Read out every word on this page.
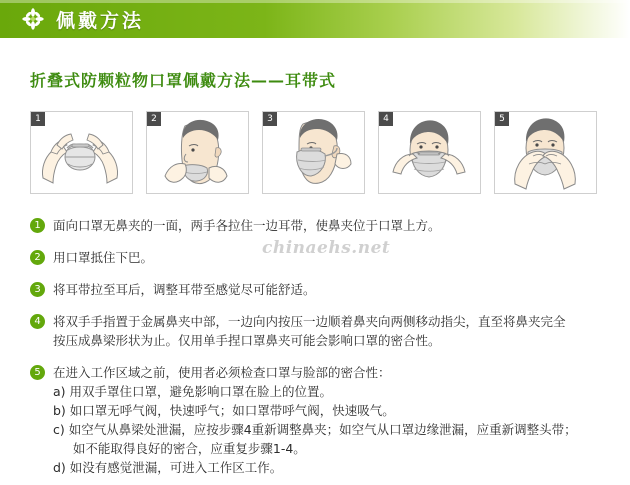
佩戴方法
折叠式防颗粒物口罩佩戴方法——耳带式
1	2	3	4	5
1 面向口罩无鼻夹的一面，两手各拉住一边耳带，使鼻夹位于口罩上方。
2 用口罩抵住下巴。
3 将耳带拉至耳后，调整耳带至感觉尽可能舒适。
4 将双手手指置于金属鼻夹中部，一边向内按压一边顺着鼻夹向两侧移动指尖，直至将鼻夹完全
按压成鼻梁形状为止。仅用单手捏口罩鼻夹可能会影响口罩的密合性。
5 在进入工作区域之前，使用者必须检查口罩与脸部的密合性：
a) 用双手罩住口罩，避免影响口罩在脸上的位置。
b) 如口罩无呼气阀，快速呼气；如口罩带呼气阀，快速吸气。
c) 如空气从鼻梁处泄漏，应按步骤4重新调整鼻夹；如空气从口罩边缘泄漏，应重新调整头带；
如不能取得良好的密合，应重复步骤1-4。
d) 如没有感觉泄漏，可进入工作区工作。
chinaehs.net
